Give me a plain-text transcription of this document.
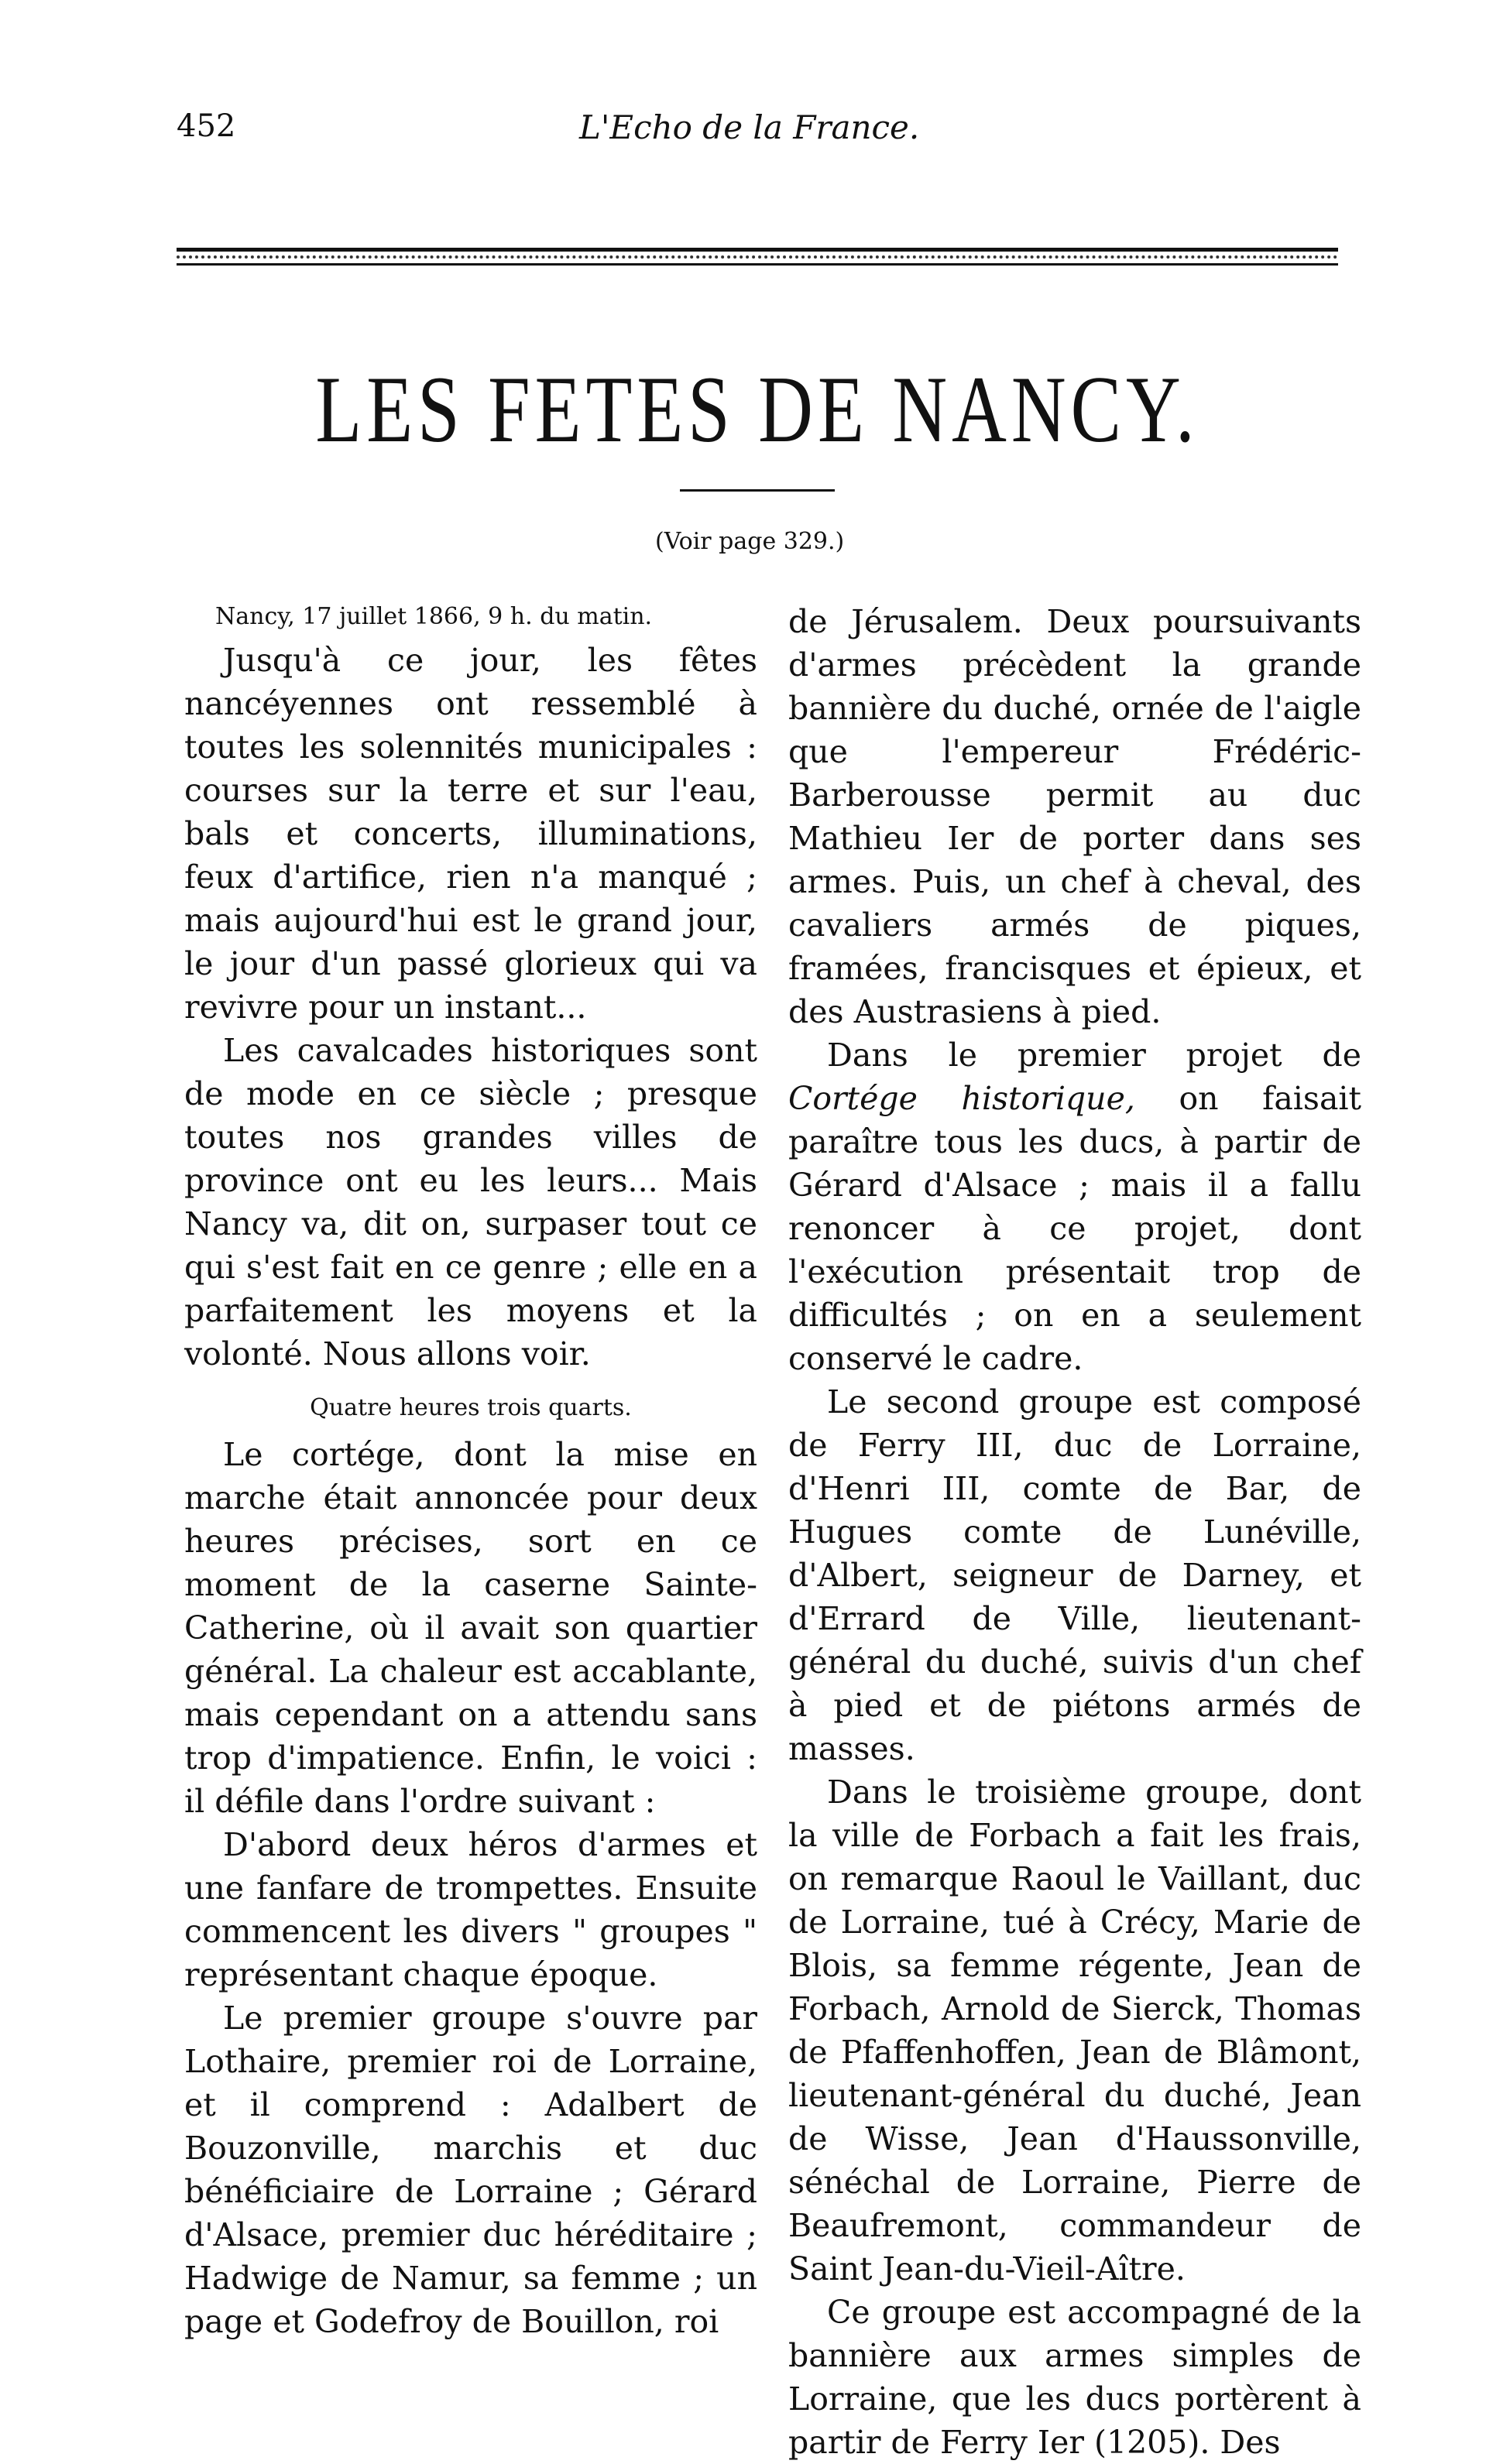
452	L'Echo de la France.
LES FETES DE NANCY.
(Voir page 329.)

Nancy, 17 juillet 1866, 9 h. du matin.

Jusqu'à ce jour, les fêtes nancéyennes ont ressemblé à toutes les solennités municipales : courses sur la terre et sur l'eau, bals et concerts, illuminations, feux d'artifice, rien n'a manqué ; mais aujourd'hui est le grand jour, le jour d'un passé glorieux qui va revivre pour un instant...

Les cavalcades historiques sont de mode en ce siècle ; presque toutes nos grandes villes de province ont eu les leurs... Mais Nancy va, dit on, surpaser tout ce qui s'est fait en ce genre ; elle en a parfaitement les moyens et la volonté. Nous allons voir.

Quatre heures trois quarts.

Le cortége, dont la mise en marche était annoncée pour deux heures précises, sort en ce moment de la caserne Sainte-Catherine, où il avait son quartier général. La chaleur est accablante, mais cependant on a attendu sans trop d'impatience. Enfin, le voici : il défile dans l'ordre suivant :

D'abord deux héros d'armes et une fanfare de trompettes. Ensuite commencent les divers " groupes " représentant chaque époque.

Le premier groupe s'ouvre par Lothaire, premier roi de Lorraine, et il comprend : Adalbert de Bouzonville, marchis et duc bénéficiaire de Lorraine ; Gérard d'Alsace, premier duc héréditaire ; Hadwige de Namur, sa femme ; un page et Godefroy de Bouillon, roi

de Jérusalem. Deux poursuivants d'armes précèdent la grande bannière du duché, ornée de l'aigle que l'empereur Frédéric-Barberousse permit au duc Mathieu Ier de porter dans ses armes. Puis, un chef à cheval, des cavaliers armés de piques, framées, francisques et épieux, et des Austrasiens à pied.

Dans le premier projet de Cortége historique, on faisait paraître tous les ducs, à partir de Gérard d'Alsace ; mais il a fallu renoncer à ce projet, dont l'exécution présentait trop de difficultés ; on en a seulement conservé le cadre.

Le second groupe est composé de Ferry III, duc de Lorraine, d'Henri III, comte de Bar, de Hugues comte de Lunéville, d'Albert, seigneur de Darney, et d'Errard de Ville, lieutenant-général du duché, suivis d'un chef à pied et de piétons armés de masses.

Dans le troisième groupe, dont la ville de Forbach a fait les frais, on remarque Raoul le Vaillant, duc de Lorraine, tué à Crécy, Marie de Blois, sa femme régente, Jean de Forbach, Arnold de Sierck, Thomas de Pfaffenhoffen, Jean de Blâmont, lieutenant-général du duché, Jean de Wisse, Jean d'Haussonville, sénéchal de Lorraine, Pierre de Beaufremont, commandeur de Saint Jean-du-Vieil-Aître.

Ce groupe est accompagné de la bannière aux armes simples de Lorraine, que les ducs portèrent à partir de Ferry Ier (1205). Des
